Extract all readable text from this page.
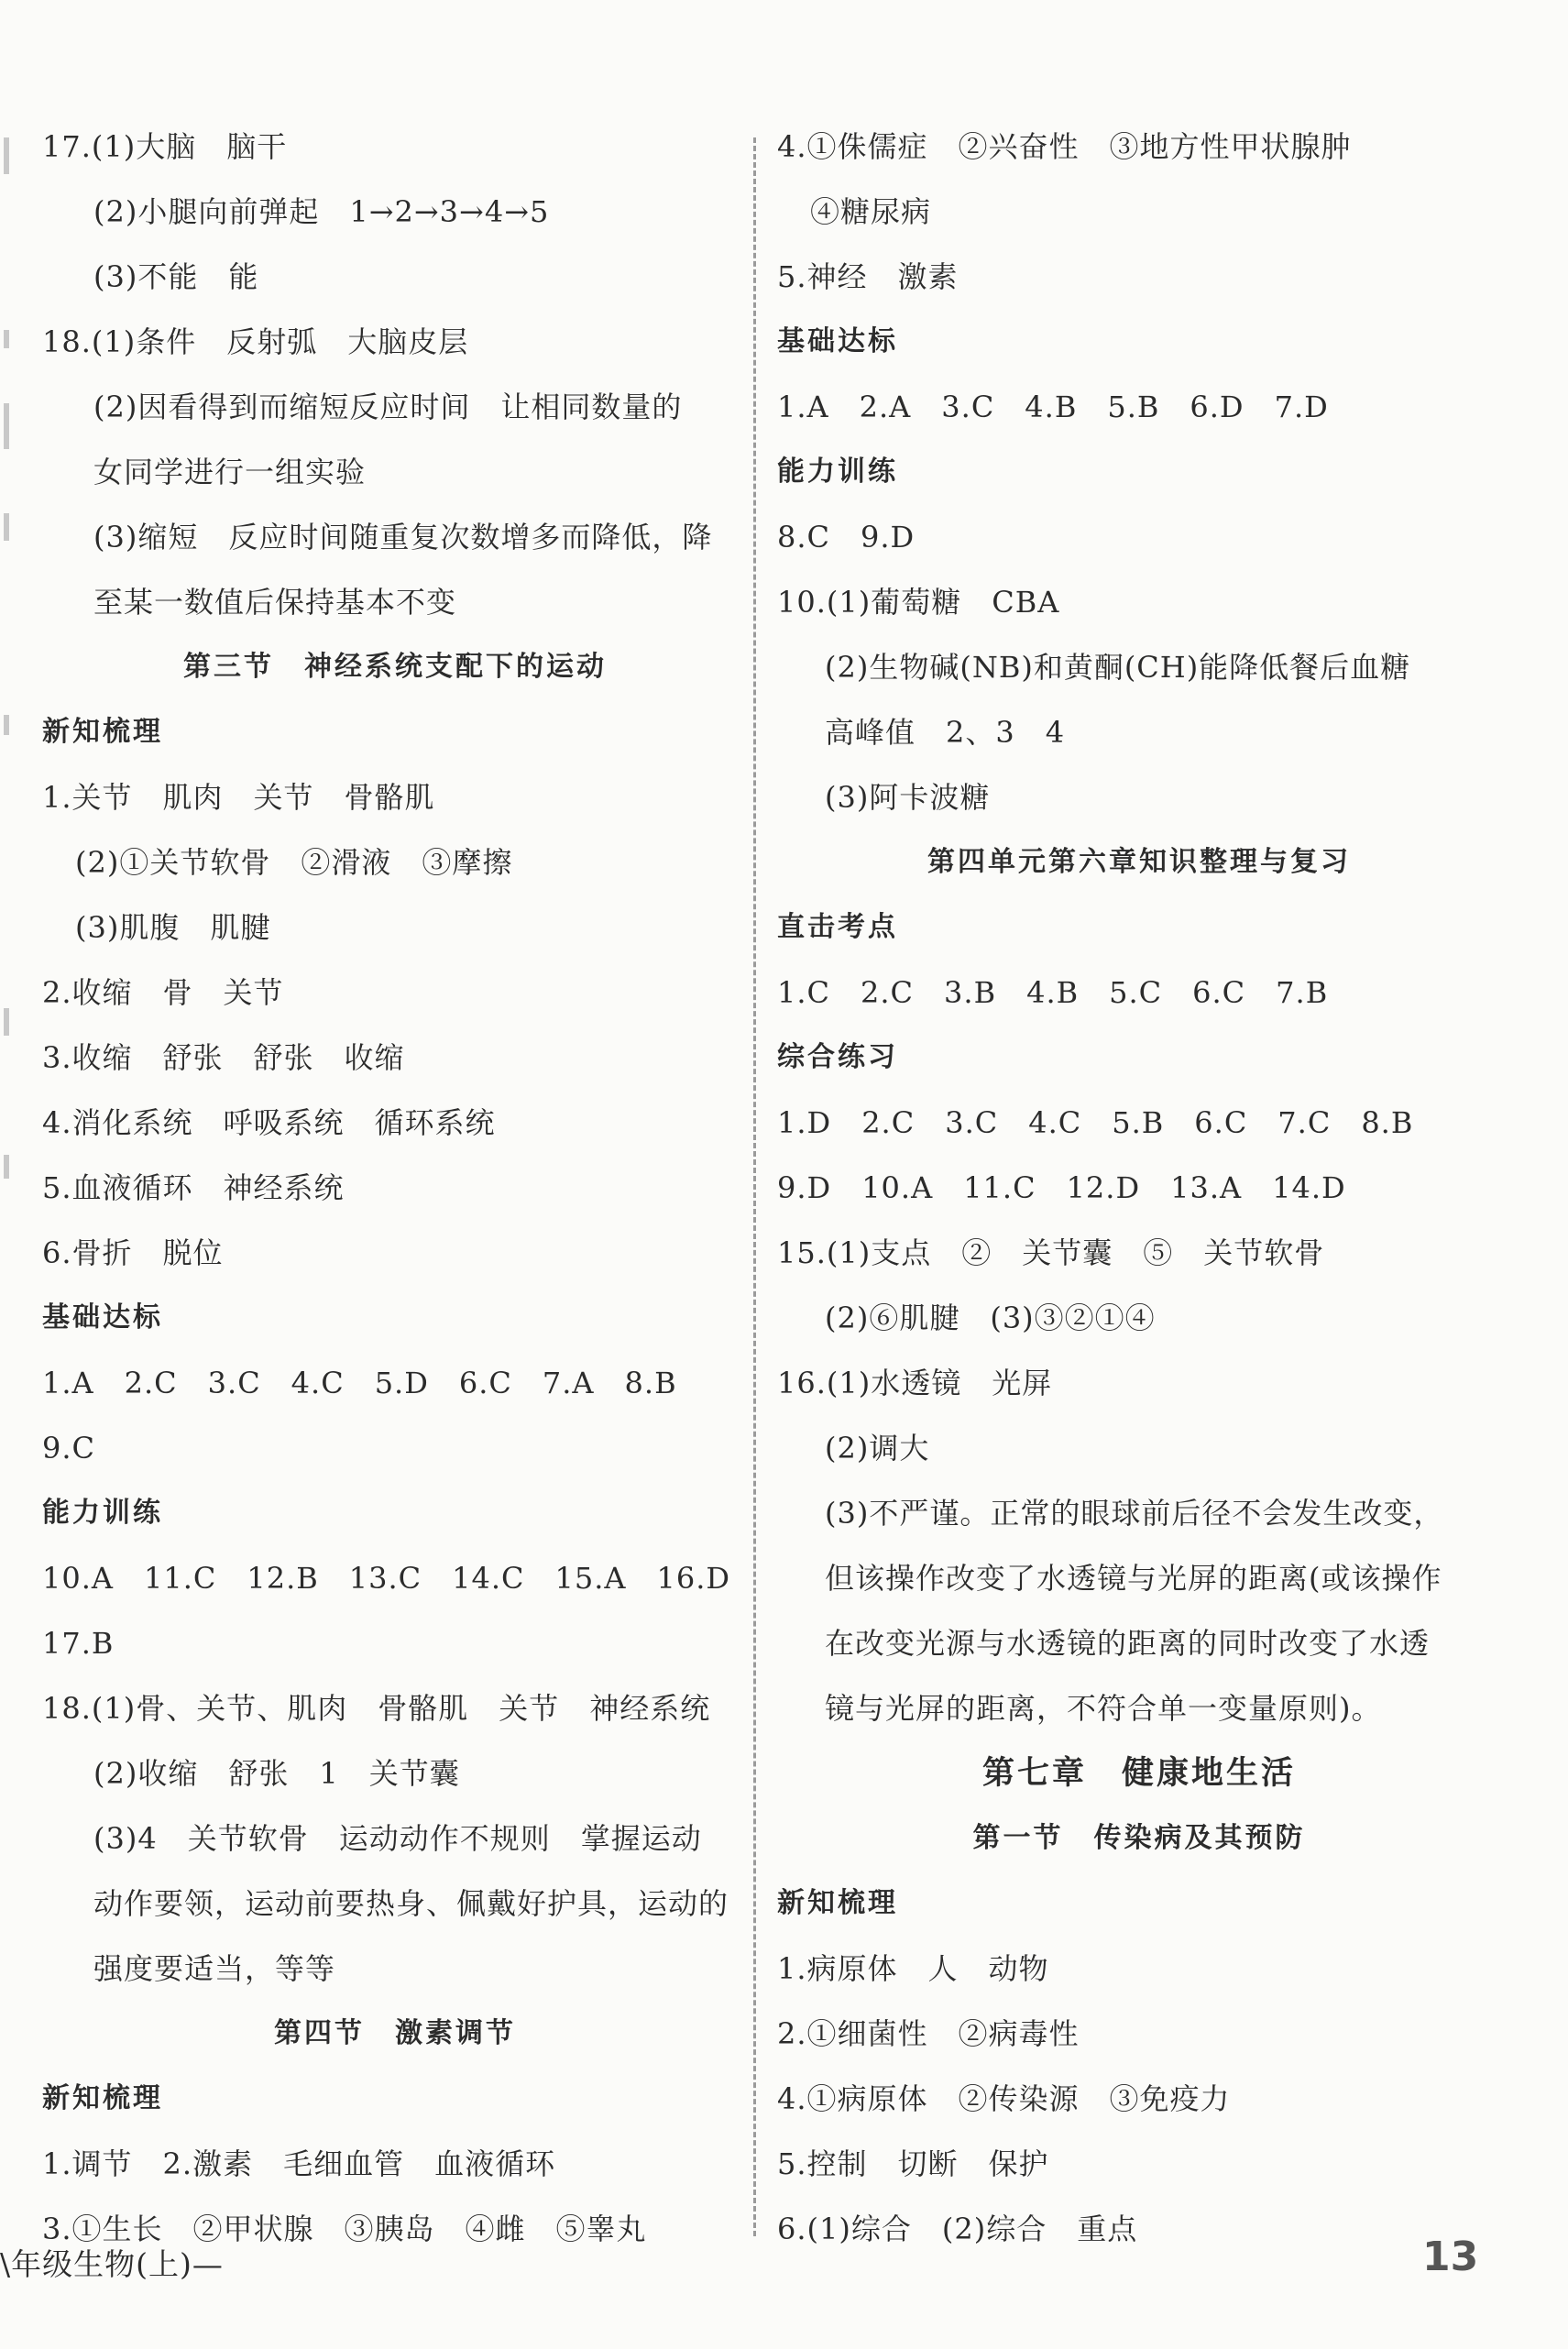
17.(1)大脑　脑干
(2)小腿向前弹起　1→2→3→4→5
(3)不能　能
18.(1)条件　反射弧　大脑皮层
(2)因看得到而缩短反应时间　让相同数量的
女同学进行一组实验
(3)缩短　反应时间随重复次数增多而降低，降
至某一数值后保持基本不变
第三节　神经系统支配下的运动
新知梳理
1.关节　肌肉　关节　骨骼肌
(2)①关节软骨　②滑液　③摩擦
(3)肌腹　肌腱
2.收缩　骨　关节
3.收缩　舒张　舒张　收缩
4.消化系统　呼吸系统　循环系统
5.血液循环　神经系统
6.骨折　脱位
基础达标
1.A　2.C　3.C　4.C　5.D　6.C　7.A　8.B
9.C
能力训练
10.A　11.C　12.B　13.C　14.C　15.A　16.D
17.B
18.(1)骨、关节、肌肉　骨骼肌　关节　神经系统
(2)收缩　舒张　1　关节囊
(3)4　关节软骨　运动动作不规则　掌握运动
动作要领，运动前要热身、佩戴好护具，运动的
强度要适当，等等
第四节　激素调节
新知梳理
1.调节　2.激素　毛细血管　血液循环
3.①生长　②甲状腺　③胰岛　④雌　⑤睾丸
4.①侏儒症　②兴奋性　③地方性甲状腺肿
④糖尿病
5.神经　激素
基础达标
1.A　2.A　3.C　4.B　5.B　6.D　7.D
能力训练
8.C　9.D
10.(1)葡萄糖　CBA
(2)生物碱(NB)和黄酮(CH)能降低餐后血糖
高峰值　2、3　4
(3)阿卡波糖
第四单元第六章知识整理与复习
直击考点
1.C　2.C　3.B　4.B　5.C　6.C　7.B
综合练习
1.D　2.C　3.C　4.C　5.B　6.C　7.C　8.B
9.D　10.A　11.C　12.D　13.A　14.D
15.(1)支点　②　关节囊　⑤　关节软骨
(2)⑥肌腱　(3)③②①④
16.(1)水透镜　光屏
(2)调大
(3)不严谨。正常的眼球前后径不会发生改变，
但该操作改变了水透镜与光屏的距离(或该操作
在改变光源与水透镜的距离的同时改变了水透
镜与光屏的距离，不符合单一变量原则)。
第七章　健康地生活
第一节　传染病及其预防
新知梳理
1.病原体　人　动物
2.①细菌性　②病毒性
4.①病原体　②传染源　③免疫力
5.控制　切断　保护
6.(1)综合　(2)综合　重点
\年级生物(上)—	13
